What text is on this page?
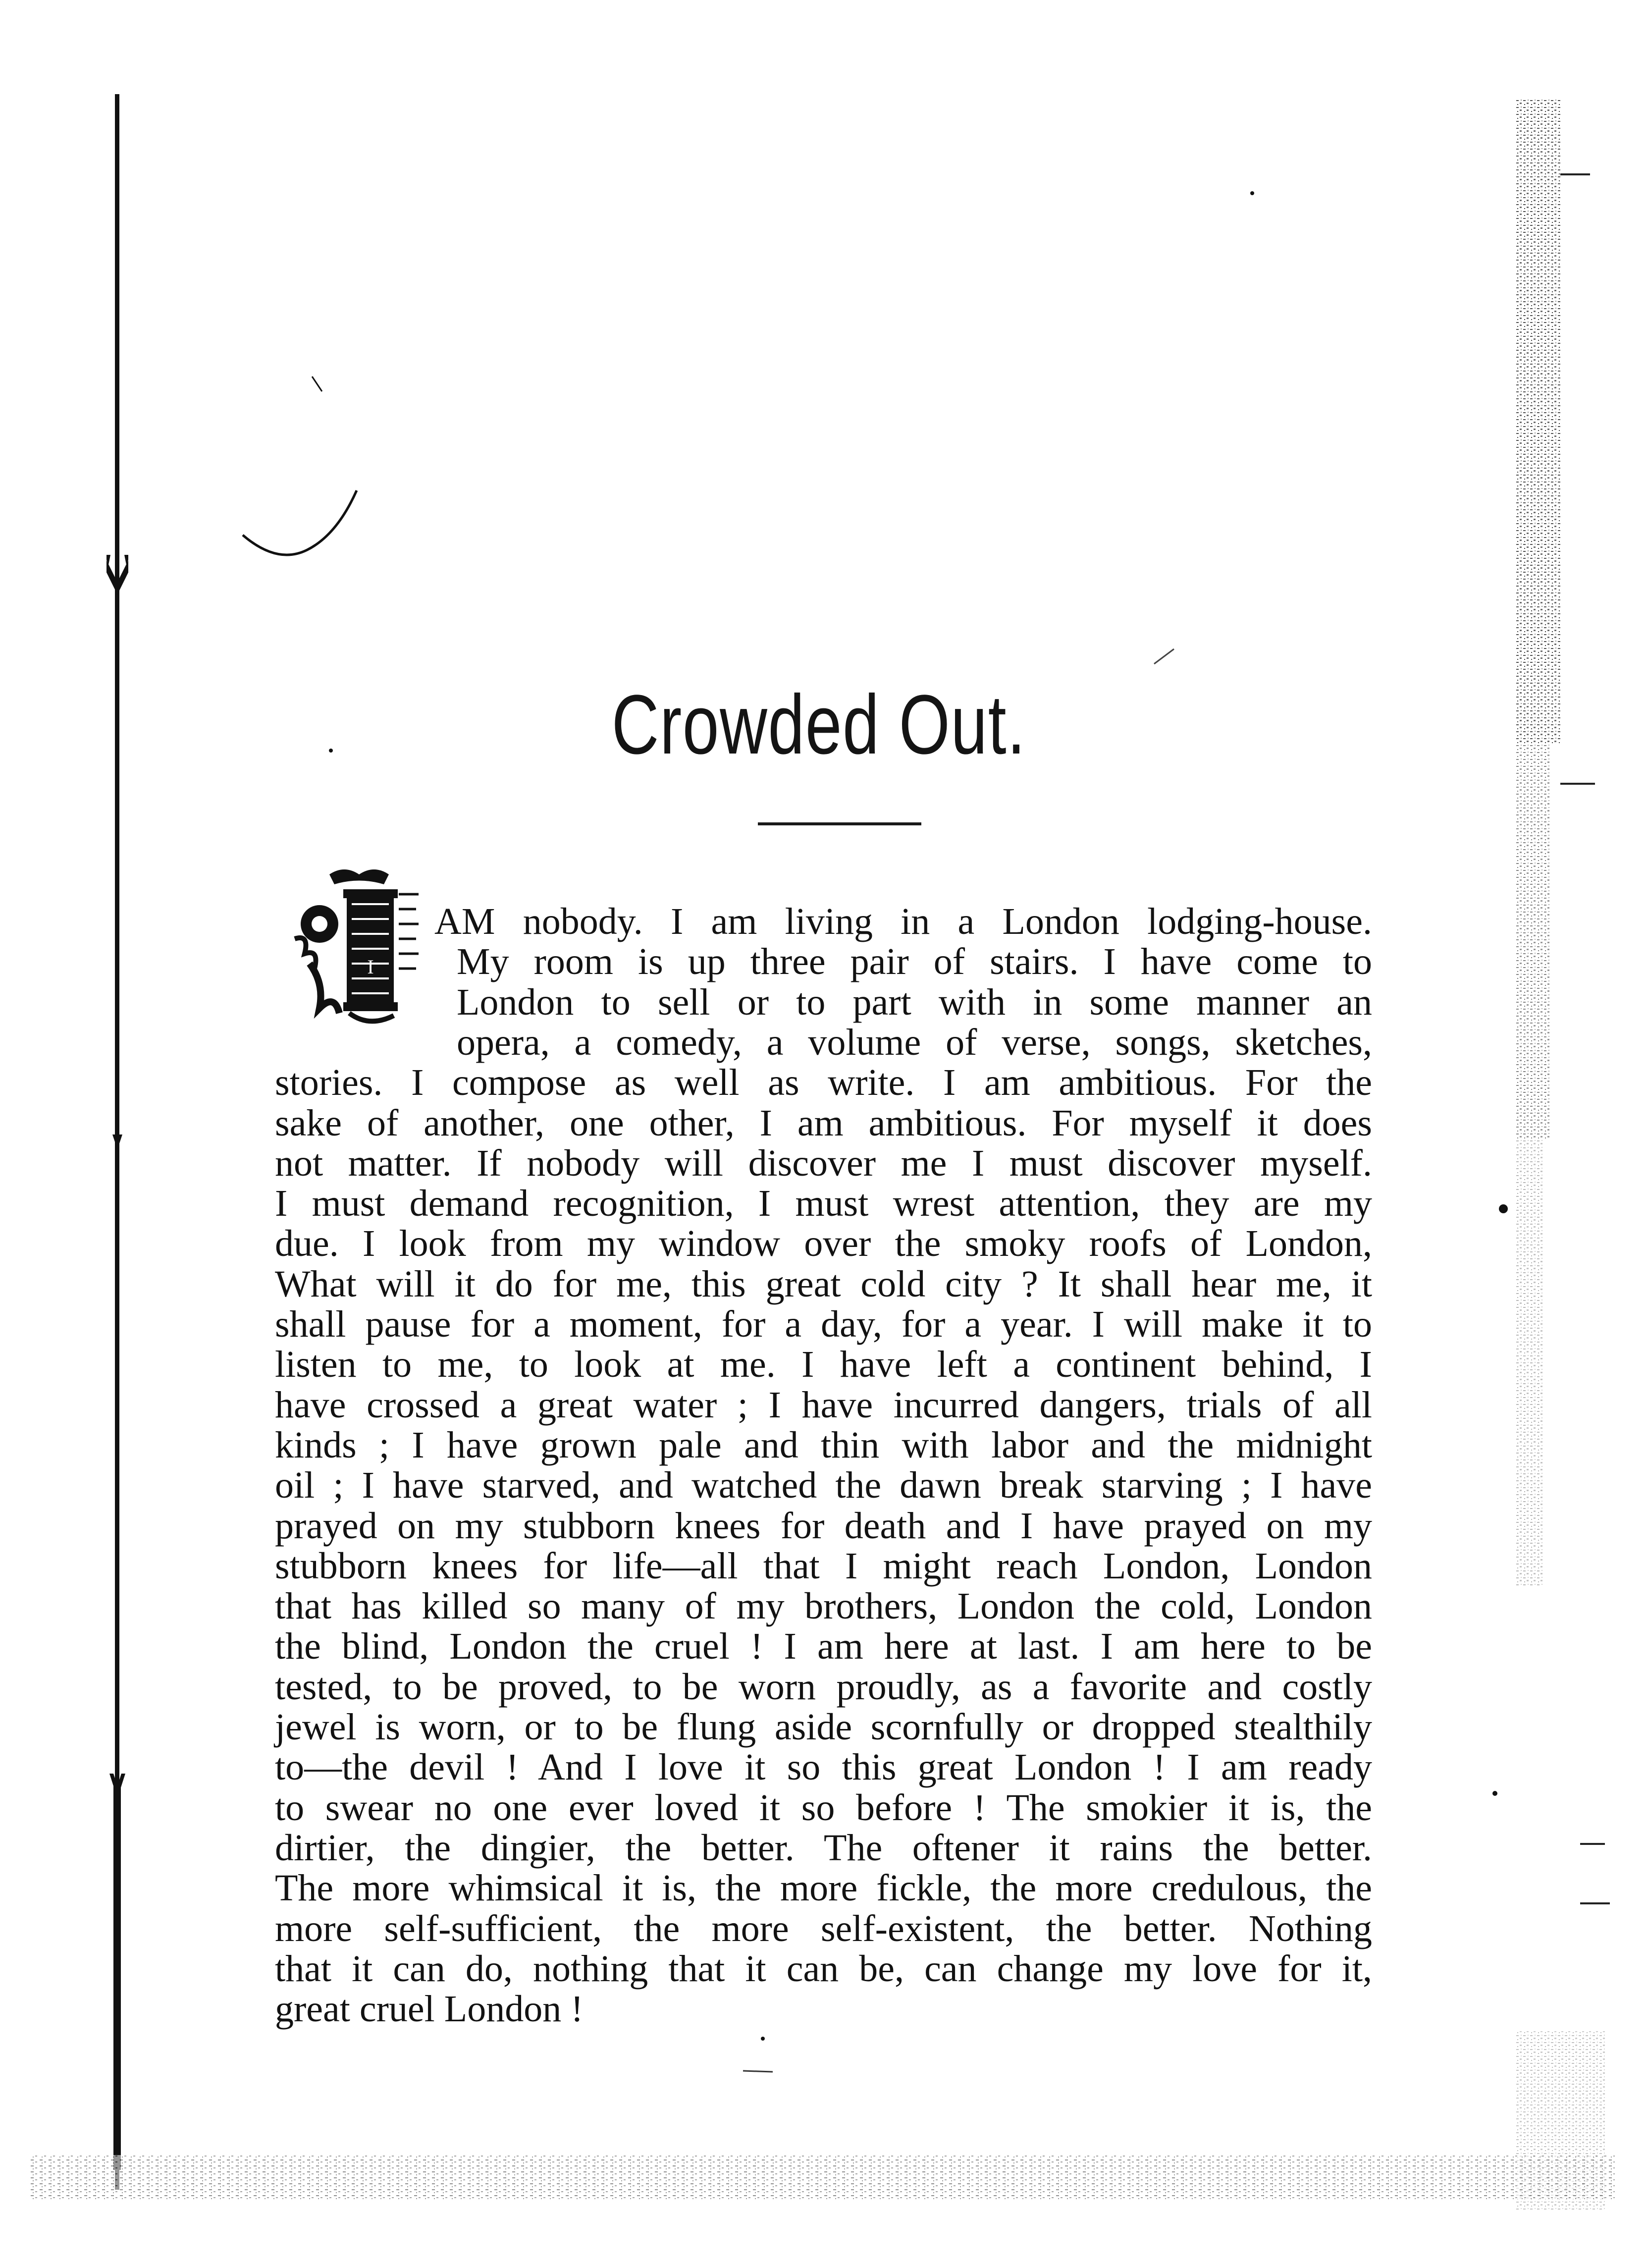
Crowded Out.
I

AM nobody. I am living in a London lodging-house.

My room is up three pair of stairs. I have come to

London to sell or to part with in some manner an

opera, a comedy, a volume of verse, songs, sketches,

stories. I compose as well as write. I am ambitious. For the

sake of another, one other, I am ambitious. For myself it does

not matter. If nobody will discover me I must discover myself.

I must demand recognition, I must wrest attention, they are my

due. I look from my window over the smoky roofs of London,

What will it do for me, this great cold city ? It shall hear me, it

shall pause for a moment, for a day, for a year. I will make it to

listen to me, to look at me. I have left a continent behind, I

have crossed a great water ; I have incurred dangers, trials of all

kinds ; I have grown pale and thin with labor and the midnight

oil ; I have starved, and watched the dawn break starving ; I have

prayed on my stubborn knees for death and I have prayed on my

stubborn knees for life—all that I might reach London, London

that has killed so many of my brothers, London the cold, London

the blind, London the cruel ! I am here at last. I am here to be

tested, to be proved, to be worn proudly, as a favorite and costly

jewel is worn, or to be flung aside scornfully or dropped stealthily

to—the devil ! And I love it so this great London ! I am ready

to swear no one ever loved it so before ! The smokier it is, the

dirtier, the dingier, the better. The oftener it rains the better.

The more whimsical it is, the more fickle, the more credulous, the

more self-sufficient, the more self-existent, the better. Nothing

that it can do, nothing that it can be, can change my love for it,

great cruel London !
